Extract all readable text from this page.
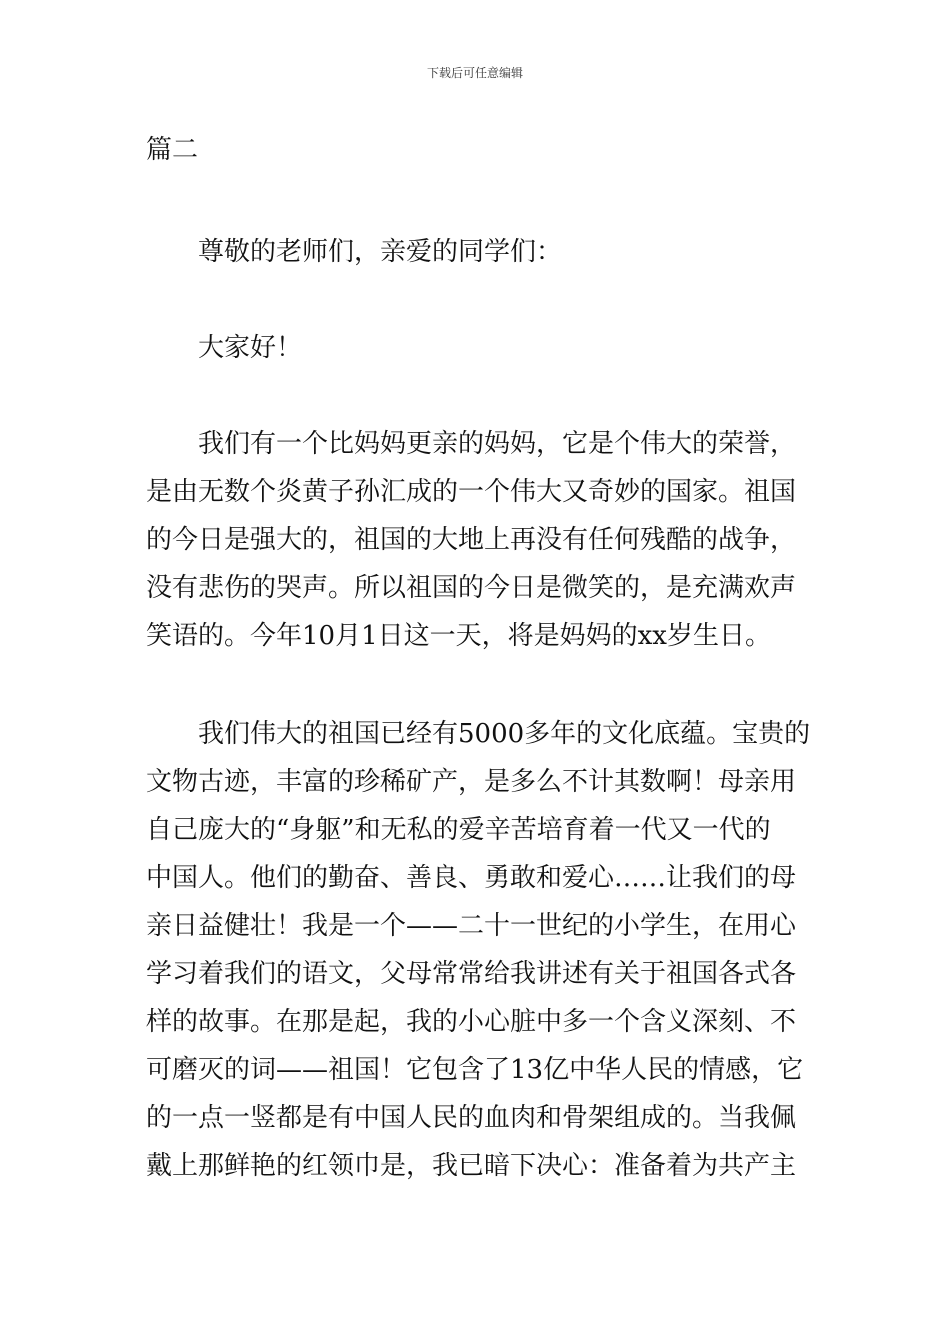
下载后可任意编辑
篇二

尊敬的老师们，亲爱的同学们：

大家好！

我们有一个比妈妈更亲的妈妈，它是个伟大的荣誉，
是由无数个炎黄子孙汇成的一个伟大又奇妙的国家。祖国
的今日是强大的，祖国的大地上再没有任何残酷的战争，
没有悲伤的哭声。所以祖国的今日是微笑的，是充满欢声
笑语的。今年10月1日这一天，将是妈妈的xx岁生日。

我们伟大的祖国已经有5000多年的文化底蕴。宝贵的
文物古迹，丰富的珍稀矿产，是多么不计其数啊！母亲用
自己庞大的“身躯”和无私的爱辛苦培育着一代又一代的
中国人。他们的勤奋、善良、勇敢和爱心……让我们的母
亲日益健壮！我是一个——二十一世纪的小学生，在用心
学习着我们的语文，父母常常给我讲述有关于祖国各式各
样的故事。在那是起，我的小心脏中多一个含义深刻、不
可磨灭的词——祖国！它包含了13亿中华人民的情感，它
的一点一竖都是有中国人民的血肉和骨架组成的。当我佩
戴上那鲜艳的红领巾是，我已暗下决心：准备着为共产主
